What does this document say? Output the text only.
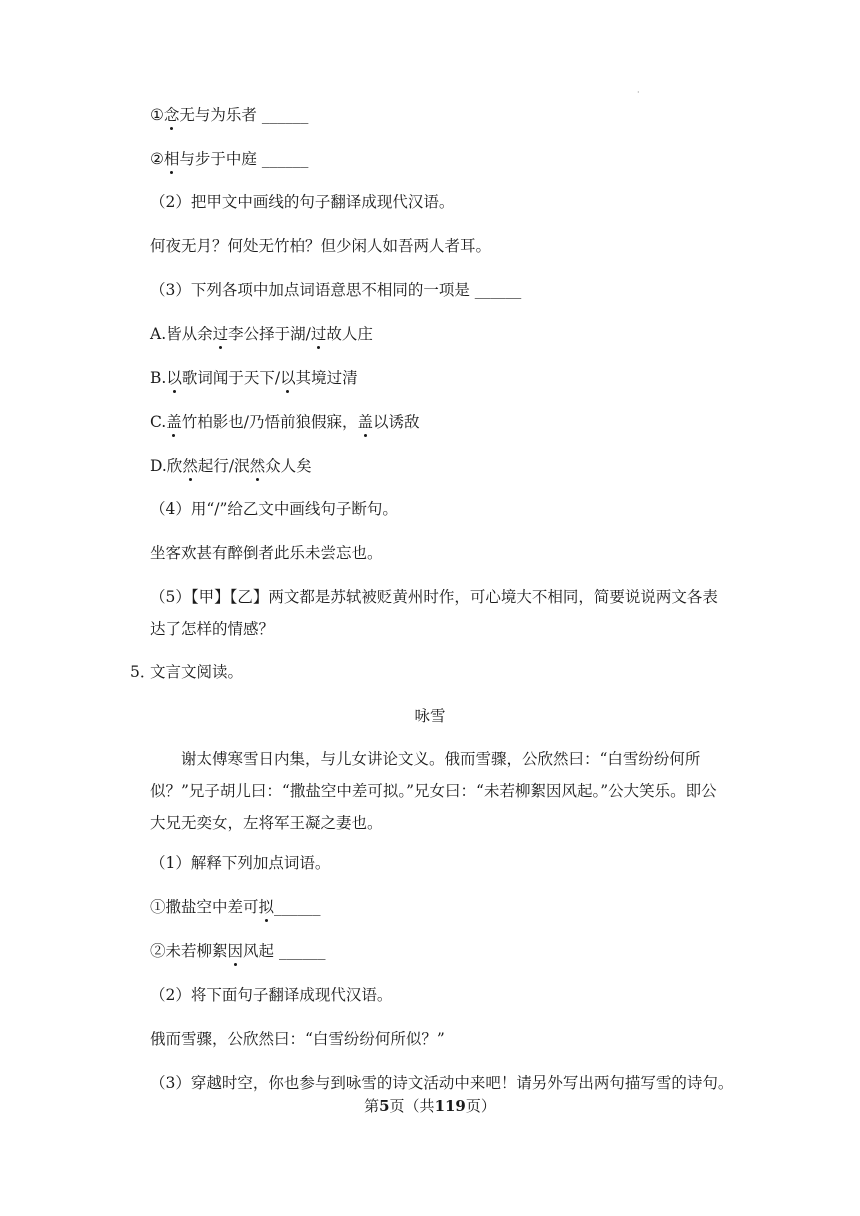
·
①念无与为乐者 ______
②相与步于中庭 ______
（2）把甲文中画线的句子翻译成现代汉语。
何夜无月？何处无竹柏？但少闲人如吾两人者耳。
（3）下列各项中加点词语意思不相同的一项是 ______
A.皆从余过李公择于湖/过故人庄
B.以歌词闻于天下/以其境过清
C.盖竹柏影也/乃悟前狼假寐，盖以诱敌
D.欣然起行/泯然众人矣
（4）用“/”给乙文中画线句子断句。
坐客欢甚有醉倒者此乐未尝忘也。
（5）【甲】【乙】两文都是苏轼被贬黄州时作，可心境大不相同，简要说说两文各表达了怎样的情感？
5．
文言文阅读。
咏雪
谢太傅寒雪日内集，与儿女讲论文义。俄而雪骤，公欣然曰：“白雪纷纷何所似？”兄子胡儿曰：“撒盐空中差可拟。”兄女曰：“未若柳絮因风起。”公大笑乐。即公大兄无奕女，左将军王凝之妻也。
（1）解释下列加点词语。
①撒盐空中差可拟______
②未若柳絮因风起 ______
（2）将下面句子翻译成现代汉语。
俄而雪骤，公欣然曰：“白雪纷纷何所似？”
（3）穿越时空，你也参与到咏雪的诗文活动中来吧！请另外写出两句描写雪的诗句。
第5页（共119页）
